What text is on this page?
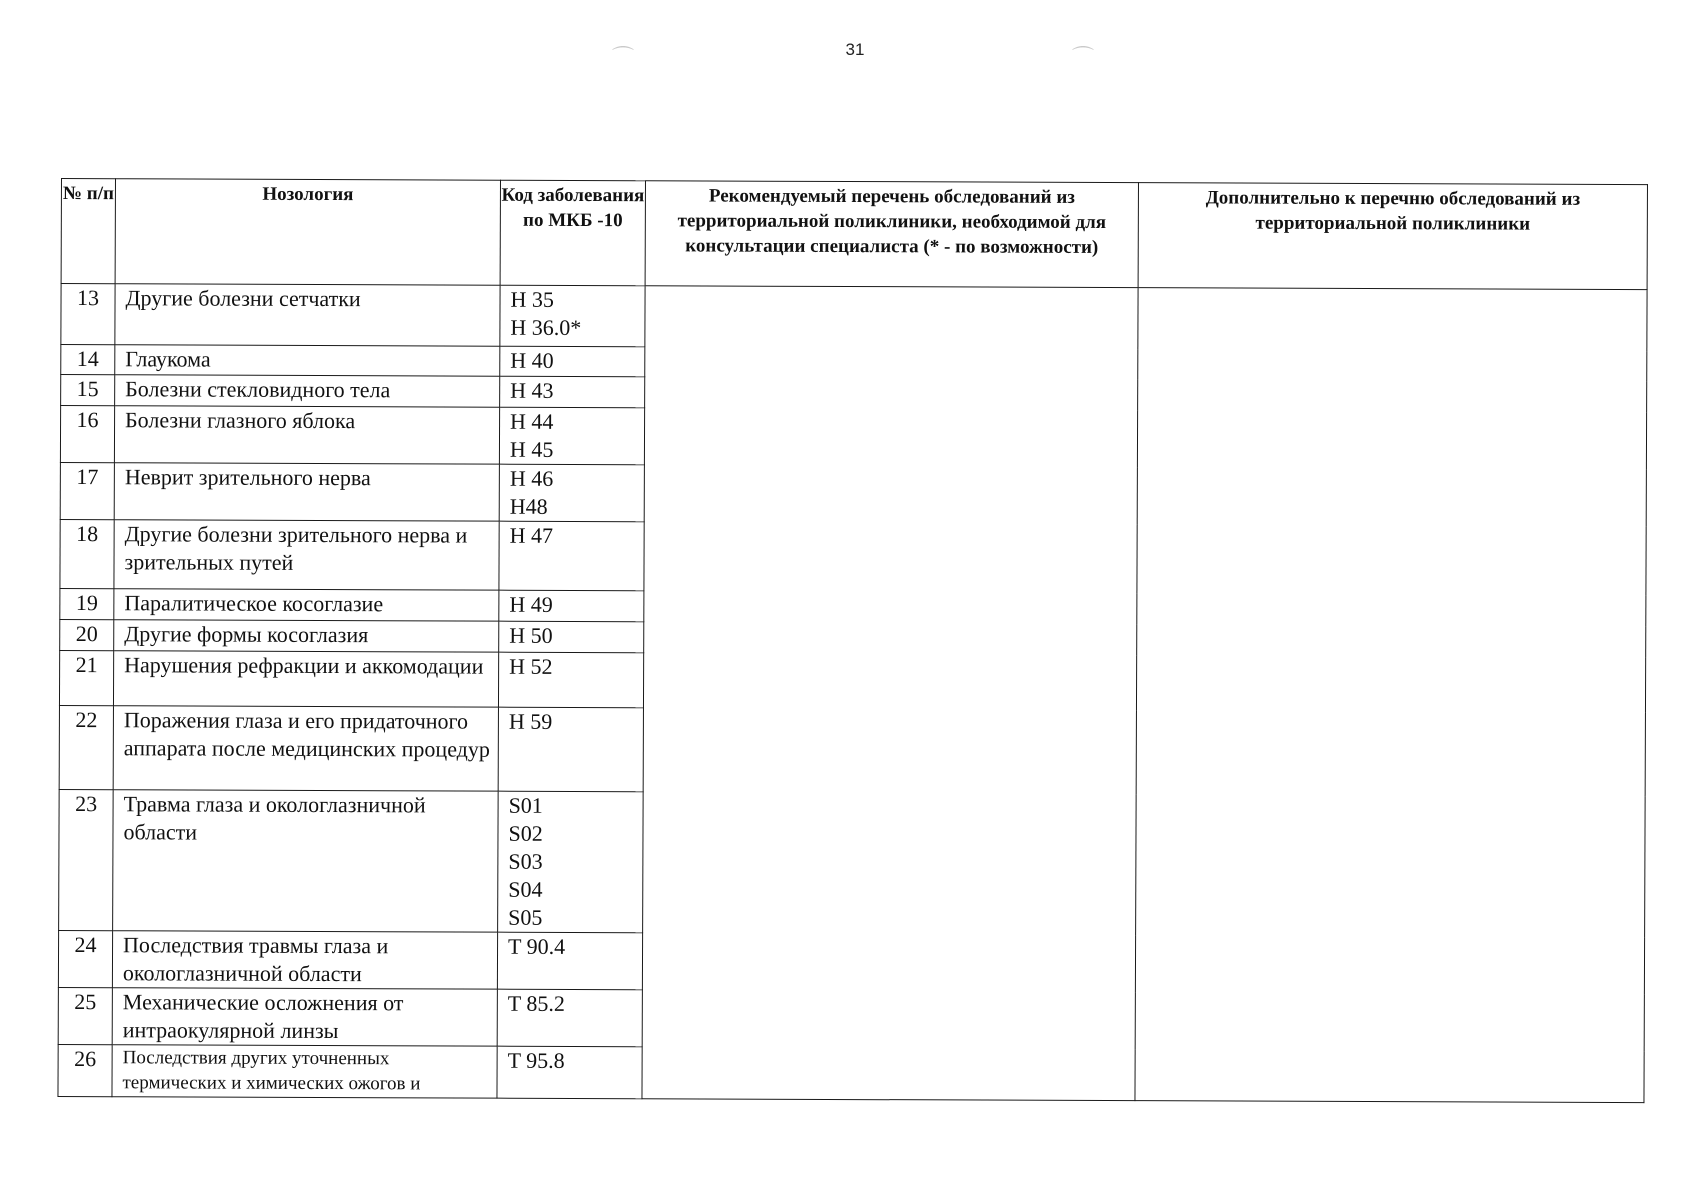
31
⌒	⌒
№ п/п	Нозология	Код заболевания по МКБ -10	Рекомендуемый перечень обследований из территориальной поликлиники, необходимой для консультации специалиста (* - по возможности)	Дополнительно к перечню обследований из территориальной поликлиники
13	Другие болезни сетчатки	H 35
H 36.0*		

14	Глаукома	H 40		

15	Болезни стекловидного тела	H 43		

16	Болезни глазного яблока	H 44
H 45		

17	Неврит зрительного нерва	H 46
H48		

18	Другие болезни зрительного нерва и зрительных путей	H 47		

19	Паралитическое косоглазие	H 49		

20	Другие формы косоглазия	H 50		

21	Нарушения рефракции и аккомодации	H 52		

22	Поражения глаза и его придаточного аппарата после медицинских процедур	H 59		

23	Травма глаза и окологлазничной области	S01
S02
S03
S04
S05		

24	Последствия травмы глаза и окологлазничной области	T 90.4		

25	Механические осложнения от интраокулярной линзы	T 85.2		

26	Последствия других уточненных термических и химических ожогов и	T 95.8		
